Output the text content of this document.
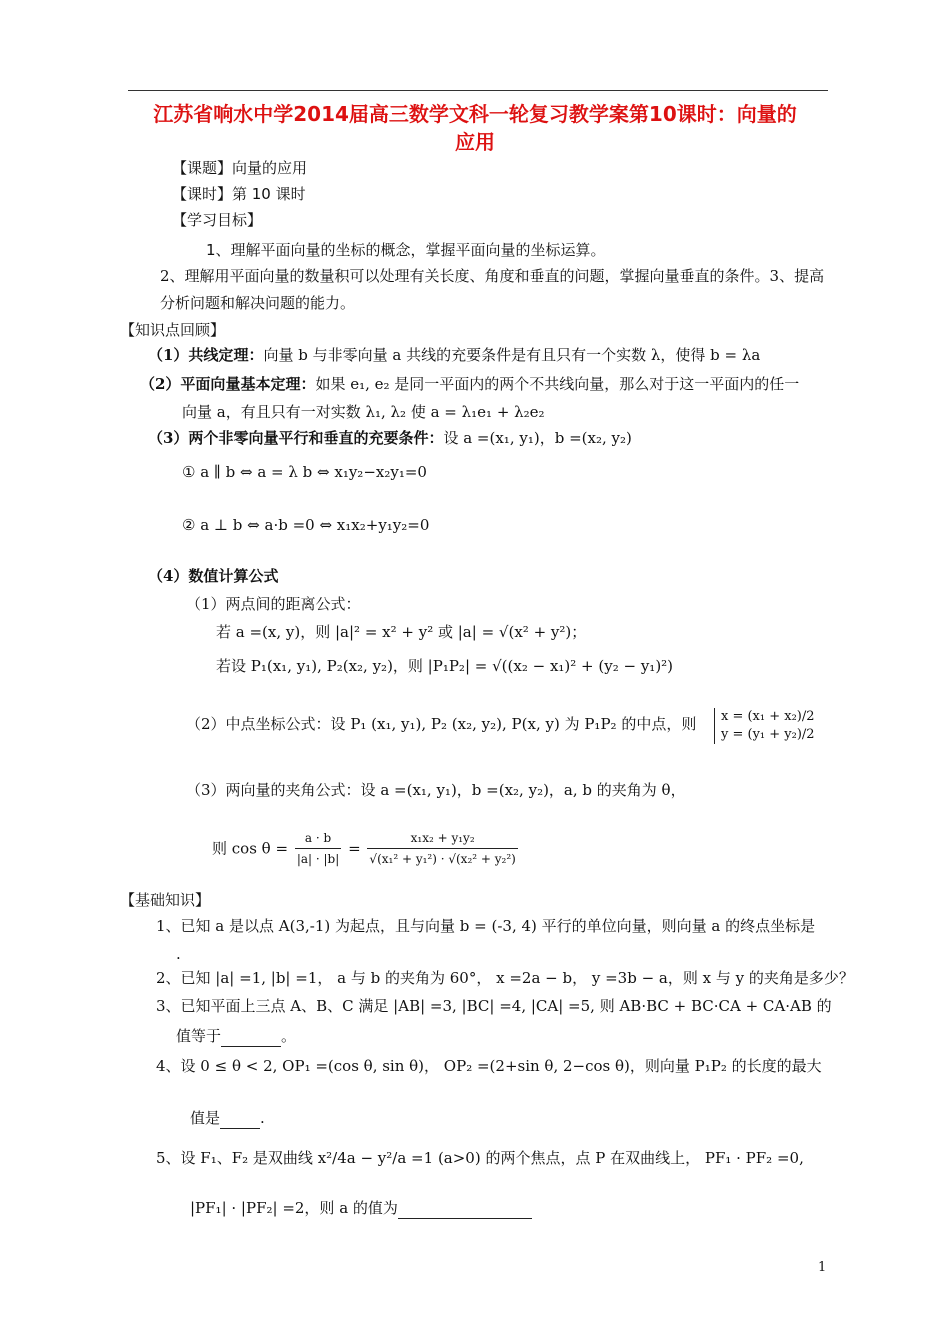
江苏省响水中学2014届高三数学文科一轮复习教学案第10课时：向量的
应用
【课题】向量的应用
【课时】第 10 课时
【学习目标】
1、理解平面向量的坐标的概念，掌握平面向量的坐标运算。
2、理解用平面向量的数量积可以处理有关长度、角度和垂直的问题，掌握向量垂直的条件。3、提高
分析问题和解决问题的能力。
【知识点回顾】
（1）共线定理：向量 b 与非零向量 a 共线的充要条件是有且只有一个实数 λ，使得 b = λa
（2）平面向量基本定理：如果 e₁, e₂ 是同一平面内的两个不共线向量，那么对于这一平面内的任一
向量 a，有且只有一对实数 λ₁, λ₂ 使 a = λ₁e₁ + λ₂e₂
（3）两个非零向量平行和垂直的充要条件：设 a =(x₁, y₁)，b =(x₂, y₂)
① a ∥ b ⇔ a = λ b ⇔ x₁y₂−x₂y₁=0
② a ⊥ b ⇔ a·b =0 ⇔ x₁x₂+y₁y₂=0
（4）数值计算公式
（1）两点间的距离公式：
若 a =(x, y)，则 |a|² = x² + y² 或 |a| = √(x² + y²)；
若设 P₁(x₁, y₁), P₂(x₂, y₂)，则 |P₁P₂| = √((x₂ − x₁)² + (y₂ − y₁)²)
（2）中点坐标公式：设 P₁ (x₁, y₁), P₂ (x₂, y₂), P(x, y) 为 P₁P₂ 的中点，则 x = (x₁ + x₂)/2
y = (y₁ + y₂)/2
（3）两向量的夹角公式：设 a =(x₁, y₁)，b =(x₂, y₂)，a, b 的夹角为 θ，
则 $\cos \theta = \frac{a \cdot b}{|a| \cdot |b|} = \frac{\text{x₁x₂ + y₁y₂}}{\text{√(x₁² + y₁²) · √(x₂² + y₂²)}}$
【基础知识】
1、已知 a 是以点 A(3,-1) 为起点，且与向量 b = (-3, 4) 平行的单位向量，则向量 a 的终点坐标是
.
2、已知 |a| =1, |b| =1， a 与 b 的夹角为 60°， x =2a − b， y =3b − a，则 x 与 y 的夹角是多少？
3、已知平面上三点 A、B、C 满足 |AB| =3, |BC| =4, |CA| =5, 则 AB·BC + BC·CA + CA·AB 的
值等于	。
4、设 0 ≤ θ < 2, OP₁ =(cos θ, sin θ)， OP₂ =(2+sin θ, 2−cos θ)，则向量 P₁P₂ 的长度的最大
值是	.
5、设 F₁、F₂ 是双曲线 x²/4a − y²/a =1 (a>0) 的两个焦点，点 P 在双曲线上， PF₁ · PF₂ =0,
|PF₁| · |PF₂| =2，则 a 的值为
1
